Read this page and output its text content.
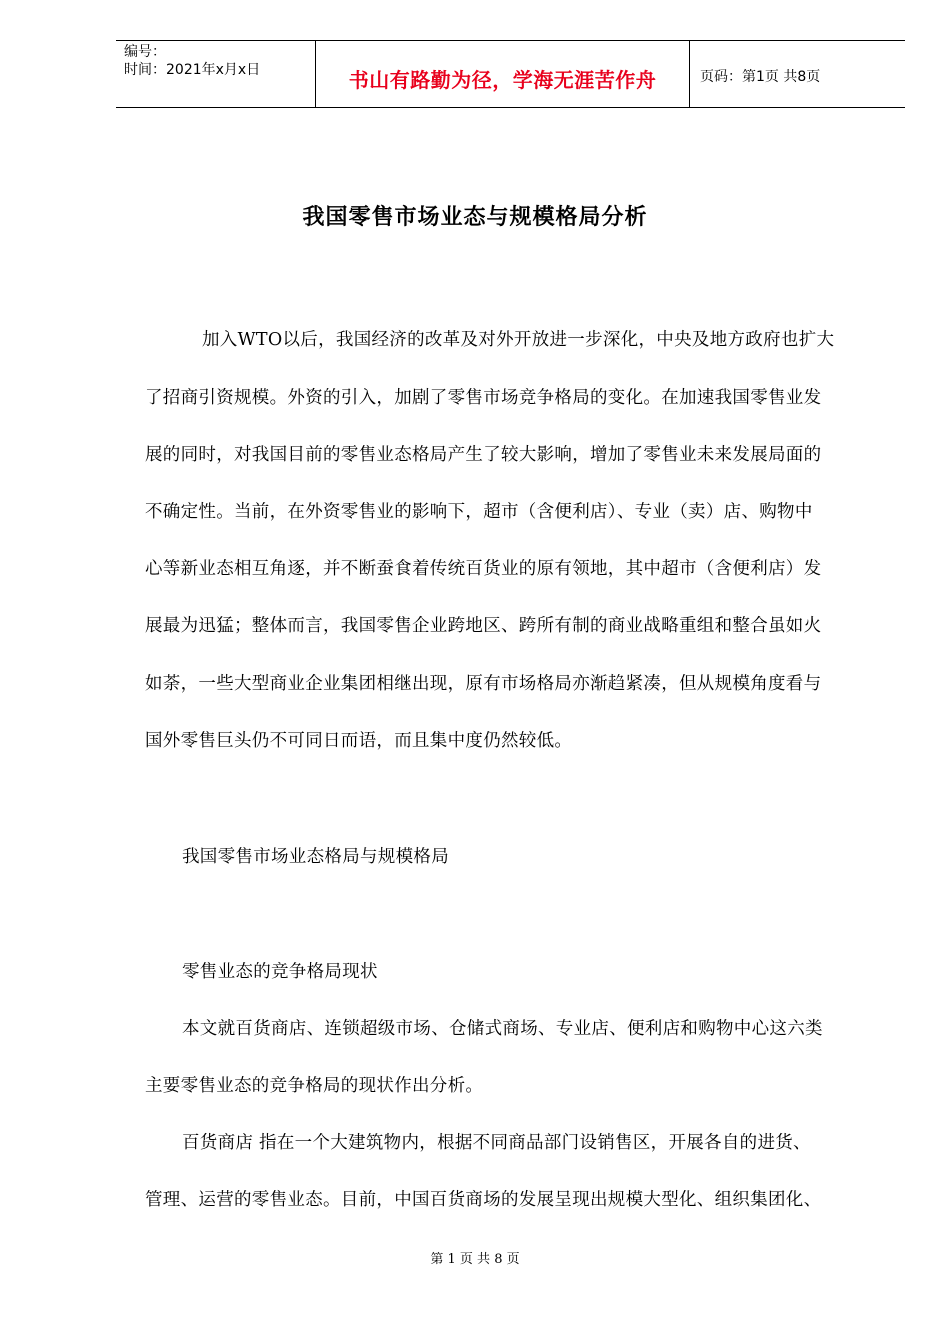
编号：
时间：2021年x月x日	书山有路勤为径，学海无涯苦作舟	页码：第1页 共8页
我国零售市场业态与规模格局分析
加入WTO以后，我国经济的改革及对外开放进一步深化，中央及地方政府也扩大
了招商引资规模。外资的引入，加剧了零售市场竞争格局的变化。在加速我国零售业发
展的同时，对我国目前的零售业态格局产生了较大影响，增加了零售业未来发展局面的
不确定性。当前，在外资零售业的影响下，超市（含便利店）、专业（卖）店、购物中
心等新业态相互角逐，并不断蚕食着传统百货业的原有领地，其中超市（含便利店）发
展最为迅猛；整体而言，我国零售企业跨地区、跨所有制的商业战略重组和整合虽如火
如荼，一些大型商业企业集团相继出现，原有市场格局亦渐趋紧凑，但从规模角度看与
国外零售巨头仍不可同日而语，而且集中度仍然较低。
我国零售市场业态格局与规模格局
零售业态的竞争格局现状
本文就百货商店、连锁超级市场、仓储式商场、专业店、便利店和购物中心这六类
主要零售业态的竞争格局的现状作出分析。
百货商店 指在一个大建筑物内，根据不同商品部门设销售区，开展各自的进货、
管理、运营的零售业态。目前，中国百货商场的发展呈现出规模大型化、组织集团化、
第 1 页 共 8 页
